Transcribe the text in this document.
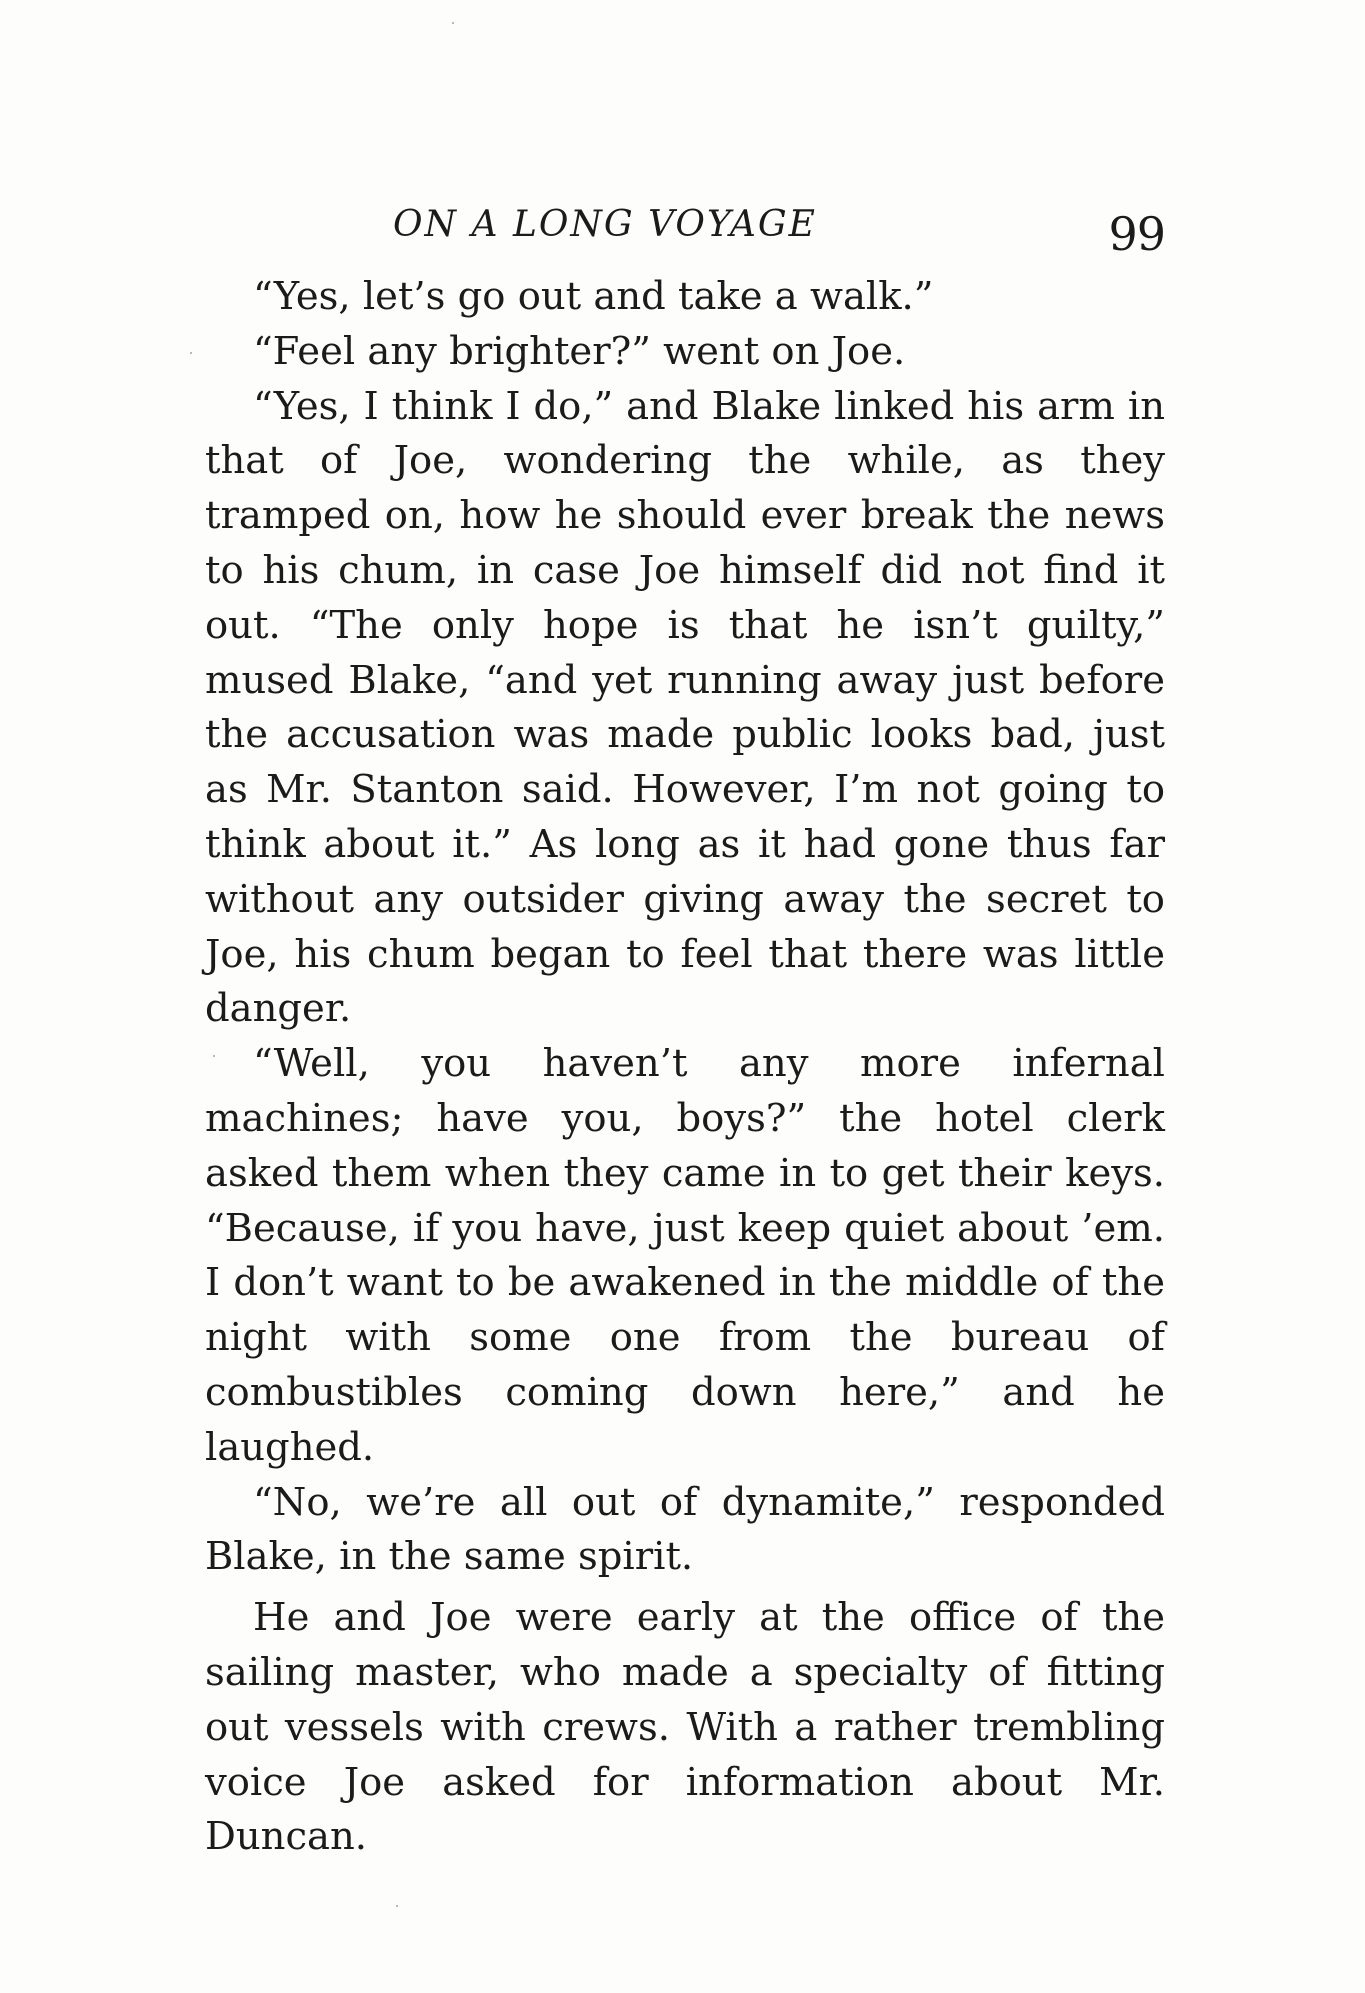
ON A LONG VOYAGE	99

“Yes, let’s go out and take a walk.”

“Feel any brighter?” went on Joe.

“Yes, I think I do,” and Blake linked his arm in that of Joe, wondering the while, as they tramped on, how he should ever break the news to his chum, in case Joe himself did not find it out. “The only hope is that he isn’t guilty,” mused Blake, “and yet running away just before the accusation was made public looks bad, just as Mr. Stanton said. However, I’m not going to think about it.” As long as it had gone thus far without any outsider giving away the secret to Joe, his chum began to feel that there was little danger.

“Well, you haven’t any more infernal machines; have you, boys?” the hotel clerk asked them when they came in to get their keys. “Because, if you have, just keep quiet about ’em. I don’t want to be awakened in the middle of the night with some one from the bureau of combustibles coming down here,” and he laughed.

“No, we’re all out of dynamite,” responded Blake, in the same spirit.

He and Joe were early at the office of the sailing master, who made a specialty of fitting out vessels with crews. With a rather trembling voice Joe asked for information about Mr. Duncan.
